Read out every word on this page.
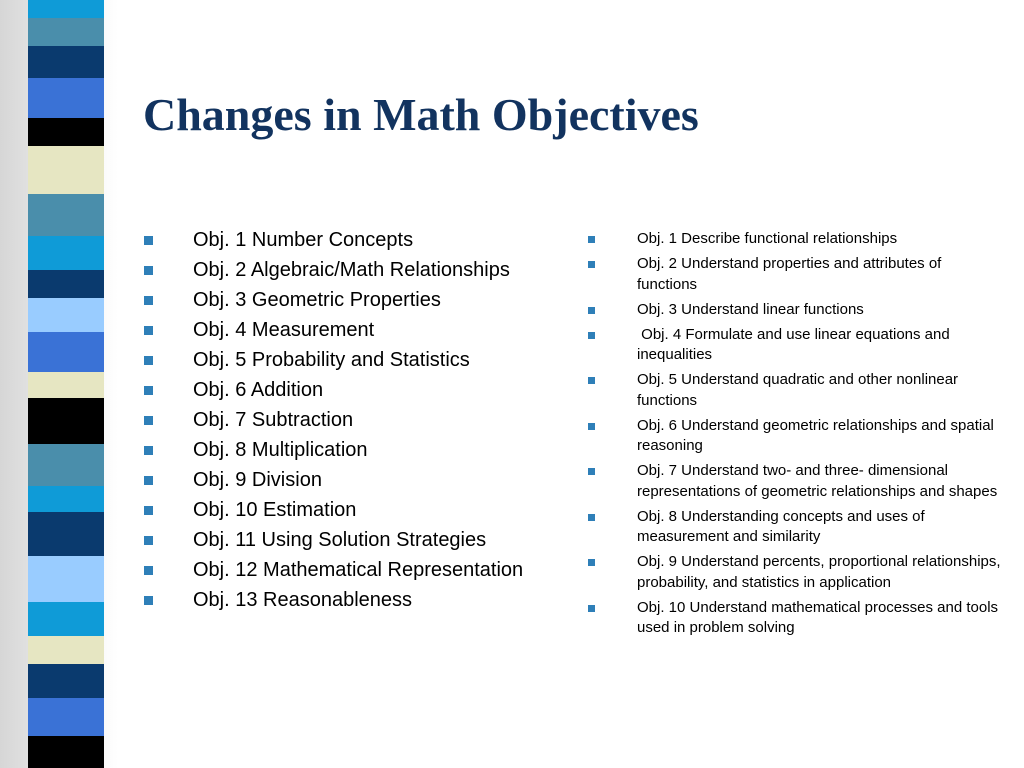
Changes in Math Objectives
Obj. 1 Number Concepts
Obj. 2 Algebraic/Math Relationships
Obj. 3 Geometric Properties
Obj. 4 Measurement
Obj. 5 Probability and Statistics
Obj. 6 Addition
Obj. 7 Subtraction
Obj. 8 Multiplication
Obj. 9 Division
Obj. 10 Estimation
Obj. 11 Using Solution Strategies
Obj. 12 Mathematical Representation
Obj. 13 Reasonableness
Obj. 1 Describe functional relationships
Obj. 2 Understand properties and attributes of functions
Obj. 3 Understand linear functions
Obj. 4 Formulate and use linear equations and inequalities
Obj. 5 Understand quadratic and other nonlinear functions
Obj. 6 Understand geometric relationships and spatial reasoning
Obj. 7 Understand two- and three- dimensional representations of geometric relationships and shapes
Obj. 8 Understanding concepts and uses of measurement and similarity
Obj. 9 Understand percents, proportional relationships, probability, and statistics in application
Obj. 10 Understand mathematical processes and tools used in problem solving
